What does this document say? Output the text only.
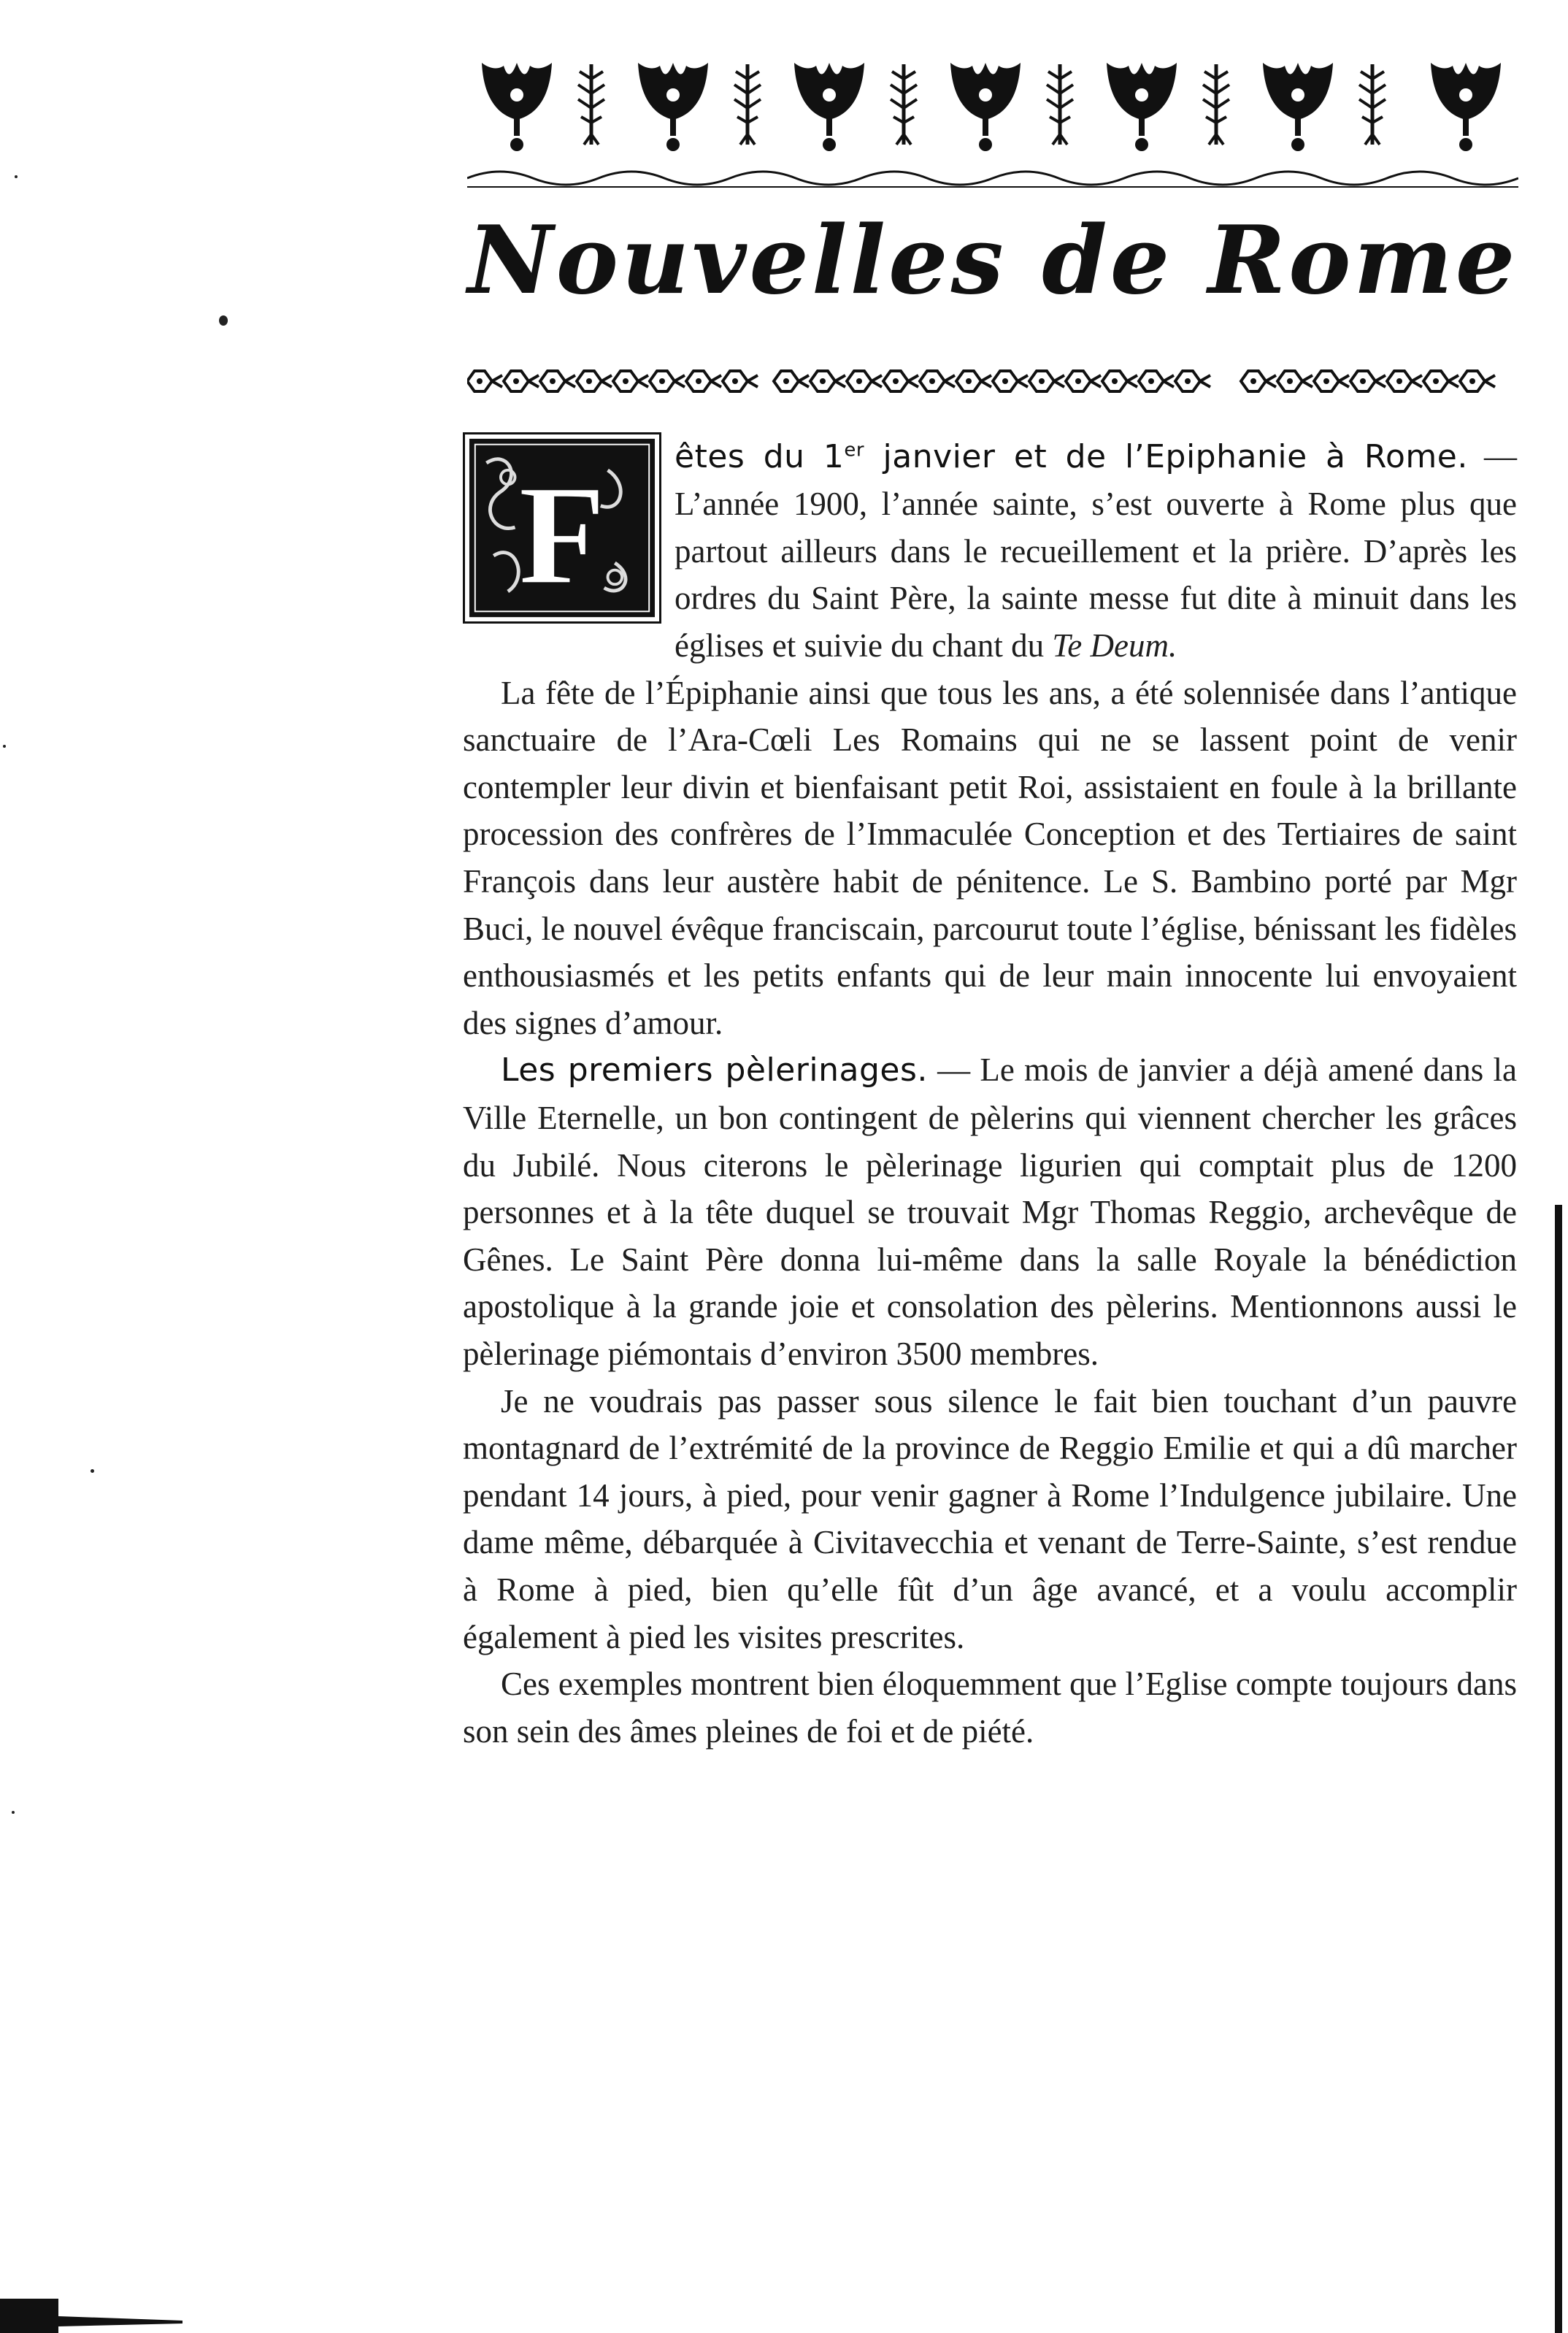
Nouvelles de Rome

F
êtes du 1er janvier et de l’Epiphanie à Rome. — L’année 1900, l’année sainte, s’est ouverte à Rome plus que partout ailleurs dans le recueillement et la prière. D’après les ordres du Saint Père, la sainte messe fut dite à minuit dans les églises et suivie du chant du Te Deum.

La fête de l’Épiphanie ainsi que tous les ans, a été solennisée dans l’antique sanctuaire de l’Ara-Cœli Les Romains qui ne se lassent point de venir contempler leur divin et bienfaisant petit Roi, assistaient en foule à la brillante procession des confrères de l’Immaculée Conception et des Tertiaires de saint François dans leur austère habit de pénitence. Le S. Bambino porté par Mgr Buci, le nouvel évêque franciscain, parcourut toute l’église, bénissant les fidèles enthousiasmés et les petits enfants qui de leur main innocente lui envoyaient des signes d’amour.

Les premiers pèlerinages. — Le mois de janvier a déjà amené dans la Ville Eternelle, un bon contingent de pèlerins qui viennent chercher les grâces du Jubilé. Nous citerons le pèlerinage ligurien qui comptait plus de 1200 personnes et à la tête duquel se trouvait Mgr Thomas Reggio, archevêque de Gênes. Le Saint Père donna lui-même dans la salle Royale la bénédiction apostolique à la grande joie et consolation des pèlerins. Mentionnons aussi le pèlerinage piémontais d’environ 3500 membres.

Je ne voudrais pas passer sous silence le fait bien touchant d’un pauvre montagnard de l’extrémité de la province de Reggio Emilie et qui a dû marcher pendant 14 jours, à pied, pour venir gagner à Rome l’Indulgence jubilaire. Une dame même, débarquée à Civitavecchia et venant de Terre-Sainte, s’est rendue à Rome à pied, bien qu’elle fût d’un âge avancé, et a voulu accomplir également à pied les visites prescrites.

Ces exemples montrent bien éloquemment que l’Eglise compte toujours dans son sein des âmes pleines de foi et de piété.
